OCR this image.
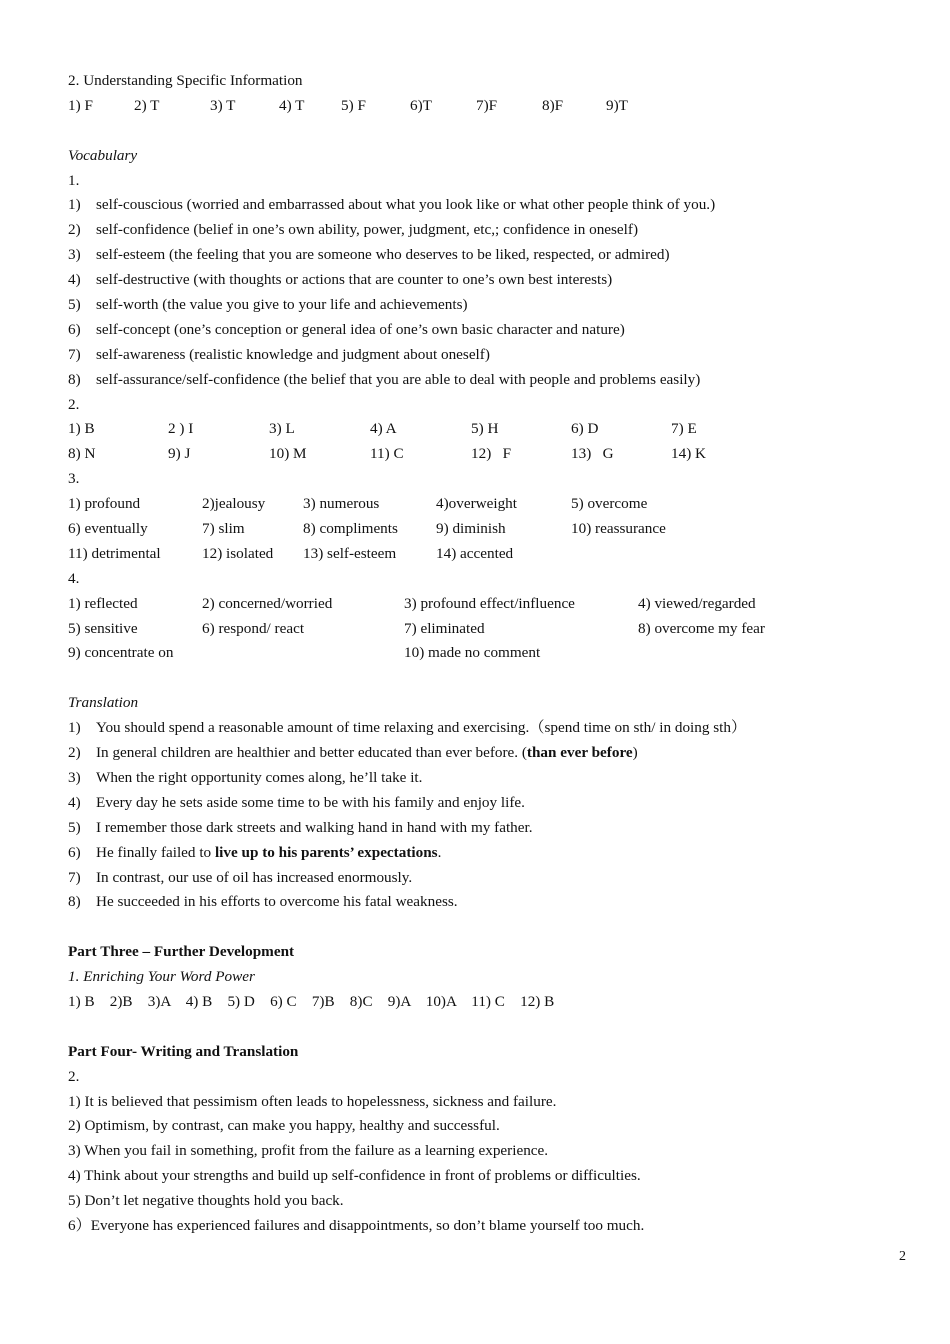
2. Understanding Specific Information
1) F	2) T	3) T	4) T 5) F	6)T	7)F	8)F	9)T
Vocabulary
1.
1) self-couscious (worried and embarrassed about what you look like or what other people think of you.)
2) self-confidence (belief in one’s own ability, power, judgment, etc,; confidence in oneself)
3) self-esteem (the feeling that you are someone who deserves to be liked, respected, or admired)
4) self-destructive (with thoughts or actions that are counter to one’s own best interests)
5) self-worth (the value you give to your life and achievements)
6) self-concept (one’s conception or general idea of one’s own basic character and nature)
7) self-awareness (realistic knowledge and judgment about oneself)
8) self-assurance/self-confidence (the belief that you are able to deal with people and problems easily)
2.
1) B	2 ) I	3) L	4) A	5) H	6) D	7) E
8) N	9) J	10) M	11) C	12)   F	13)   G	14) K
3.
1) profound	2)jealousy 3) numerous	4)overweight	5) overcome
6) eventually	7) slim	8) compliments	9) diminish	10) reassurance
11) detrimental	12) isolated 13) self-esteem	14) accented
4.
1) reflected	2) concerned/worried	3) profound effect/influence	4) viewed/regarded
5) sensitive	6) respond/ react	7) eliminated	8) overcome my fear
9) concentrate on	10) made no comment
Translation
1) You should spend a reasonable amount of time relaxing and exercising.（spend time on sth/ in doing sth）
2) In general children are healthier and better educated than ever before. (than ever before)
3) When the right opportunity comes along, he’ll take it.
4) Every day he sets aside some time to be with his family and enjoy life.
5) I remember those dark streets and walking hand in hand with my father.
6) He finally failed to live up to his parents’ expectations.
7) In contrast, our use of oil has increased enormously.
8) He succeeded in his efforts to overcome his fatal weakness.
Part Three – Further Development
1. Enriching Your Word Power
1) B    2)B    3)A    4) B    5) D    6) C    7)B    8)C    9)A    10)A    11) C    12) B
Part Four- Writing and Translation
2.
1) It is believed that pessimism often leads to hopelessness, sickness and failure.
2) Optimism, by contrast, can make you happy, healthy and successful.
3) When you fail in something, profit from the failure as a learning experience.
4) Think about your strengths and build up self-confidence in front of problems or difficulties.
5) Don’t let negative thoughts hold you back.
6）Everyone has experienced failures and disappointments, so don’t blame yourself too much.
2
